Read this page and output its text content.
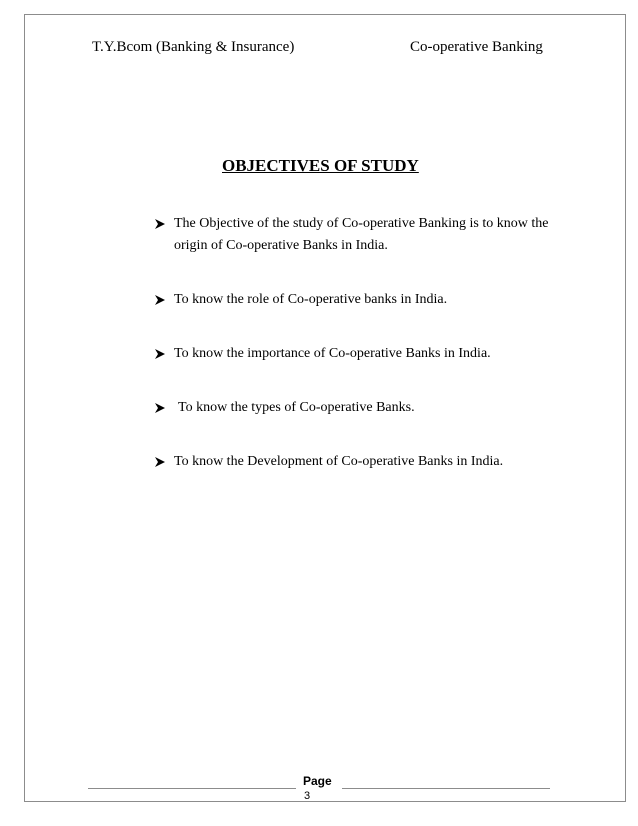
T.Y.Bcom (Banking & Insurance)	Co-operative Banking
OBJECTIVES OF STUDY
The Objective of the study of Co-operative Banking is to know the origin of Co-operative Banks in India.
To know the role of Co-operative banks in India.
To know the importance of Co-operative Banks in India.
To know the types of Co-operative Banks.
To know the Development of Co-operative Banks in India.
Page
3
